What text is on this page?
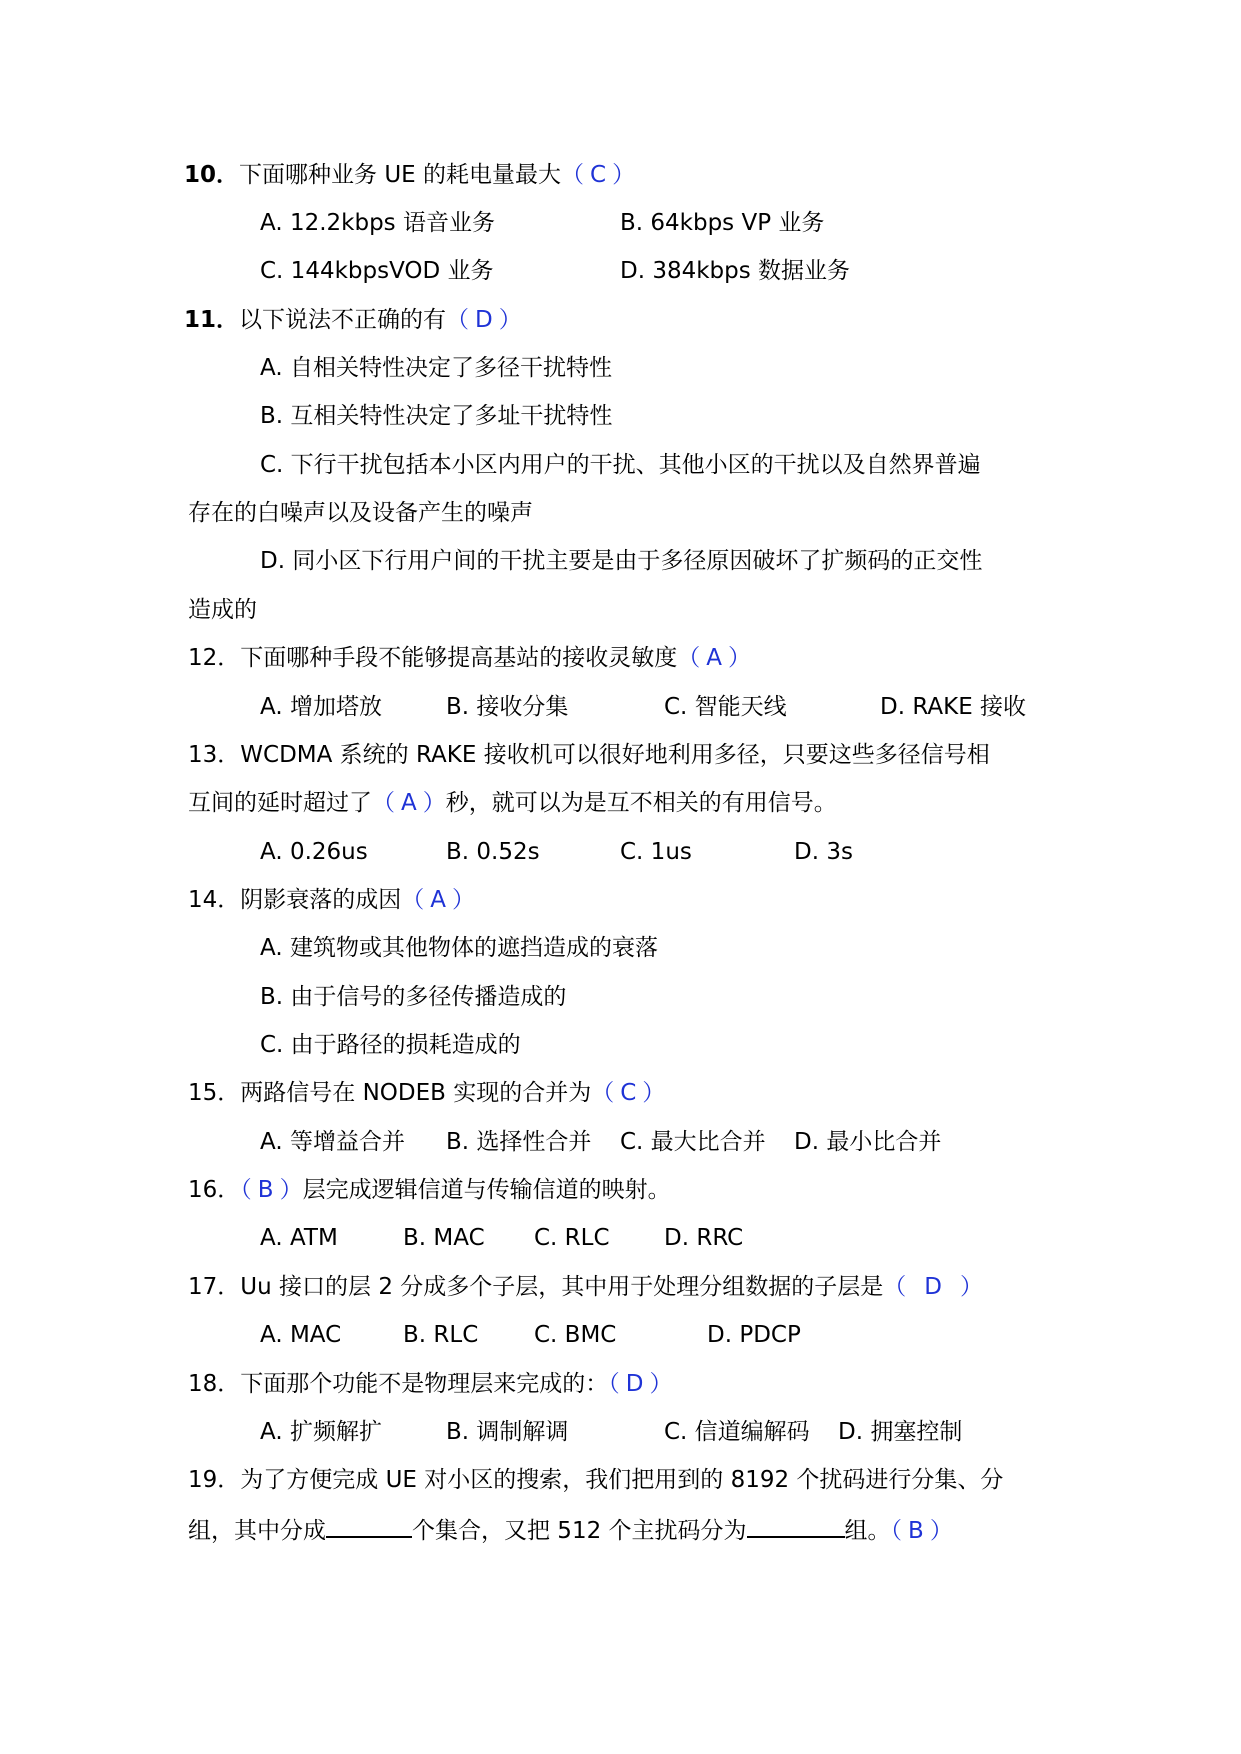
10．下面哪种业务 UE 的耗电量最大（ C ）
A. 12.2kbps 语音业务	B. 64kbps VP 业务
C. 144kbpsVOD 业务	D. 384kbps 数据业务
11．以下说法不正确的有（ D ）
A. 自相关特性决定了多径干扰特性
B. 互相关特性决定了多址干扰特性
C. 下行干扰包括本小区内用户的干扰、其他小区的干扰以及自然界普遍
存在的白噪声以及设备产生的噪声
D. 同小区下行用户间的干扰主要是由于多径原因破坏了扩频码的正交性
造成的
12．下面哪种手段不能够提高基站的接收灵敏度（ A ）
A. 增加塔放	B. 接收分集	C. 智能天线	D. RAKE 接收
13．WCDMA 系统的 RAKE 接收机可以很好地利用多径，只要这些多径信号相
互间的延时超过了（ A ）秒，就可以为是互不相关的有用信号。
A. 0.26us	B. 0.52s	C. 1us	D. 3s
14．阴影衰落的成因（ A ）
A. 建筑物或其他物体的遮挡造成的衰落
B. 由于信号的多径传播造成的
C. 由于路径的损耗造成的
15．两路信号在 NODEB 实现的合并为（ C ）
A. 等增益合并 B. 选择性合并 C. 最大比合并 D. 最小比合并
16．（ B ）层完成逻辑信道与传输信道的映射。
A. ATM	B. MAC C. RLC D. RRC
17．Uu 接口的层 2 分成多个子层，其中用于处理分组数据的子层是（ D ）
A. MAC	B. RLC C. BMC	D. PDCP
18．下面那个功能不是物理层来完成的：（ D ）
A. 扩频解扩	B. 调制解调	C. 信道编解码 D. 拥塞控制
19．为了方便完成 UE 对小区的搜索，我们把用到的 8192 个扰码进行分集、分
组，其中分成	个集合，又把 512 个主扰码分为	组。（ B ）
